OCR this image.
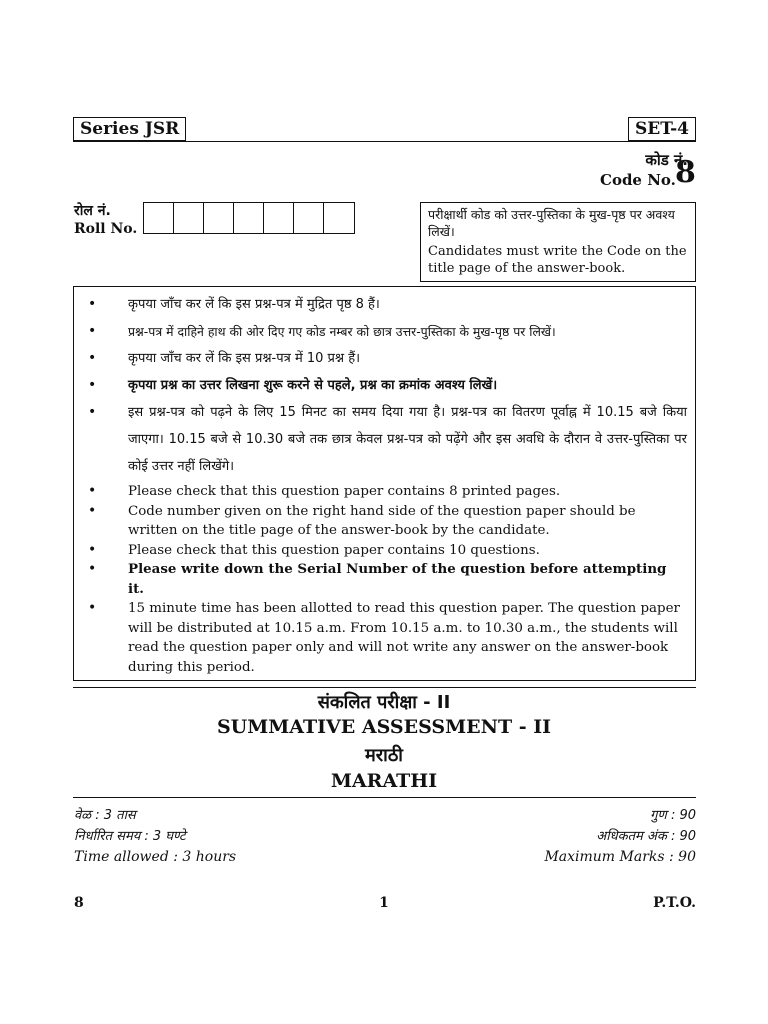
Series JSR	SET-4
कोड नं.
Code No. 8
रोल नं.
Roll No.
परीक्षार्थी कोड को उत्तर-पुस्तिका के मुख-पृष्ठ पर अवश्य लिखें।
Candidates must write the Code on the title page of the answer-book.
•	कृपया जाँच कर लें कि इस प्रश्न-पत्र में मुद्रित पृष्ठ 8 हैं।
•	प्रश्न-पत्र में दाहिने हाथ की ओर दिए गए कोड नम्बर को छात्र उत्तर-पुस्तिका के मुख-पृष्ठ पर लिखें।
•	कृपया जाँच कर लें कि इस प्रश्न-पत्र में 10 प्रश्न हैं।
•	कृपया प्रश्न का उत्तर लिखना शुरू करने से पहले, प्रश्न का क्रमांक अवश्य लिखें।
•	इस प्रश्न-पत्र को पढ़ने के लिए 15 मिनट का समय दिया गया है। प्रश्न-पत्र का वितरण पूर्वाह्न में 10.15 बजे किया जाएगा। 10.15 बजे से 10.30 बजे तक छात्र केवल प्रश्न-पत्र को पढ़ेंगे और इस अवधि के दौरान वे उत्तर-पुस्तिका पर कोई उत्तर नहीं लिखेंगे।
•	Please check that this question paper contains 8 printed pages.
•	Code number given on the right hand side of the question paper should be written on the title page of the answer-book by the candidate.
•	Please check that this question paper contains 10 questions.
•	Please write down the Serial Number of the question before attempting it.
•	15 minute time has been allotted to read this question paper. The question paper will be distributed at 10.15 a.m. From 10.15 a.m. to 10.30 a.m., the students will read the question paper only and will not write any answer on the answer-book during this period.
संकलित परीक्षा - II
SUMMATIVE ASSESSMENT - II
मराठी
MARATHI
वेळ : 3 तास
निर्धारित समय : 3 घण्टे
Time allowed : 3 hours
गुण : 90
अधिकतम अंक : 90
Maximum Marks : 90
8	1	P.T.O.
